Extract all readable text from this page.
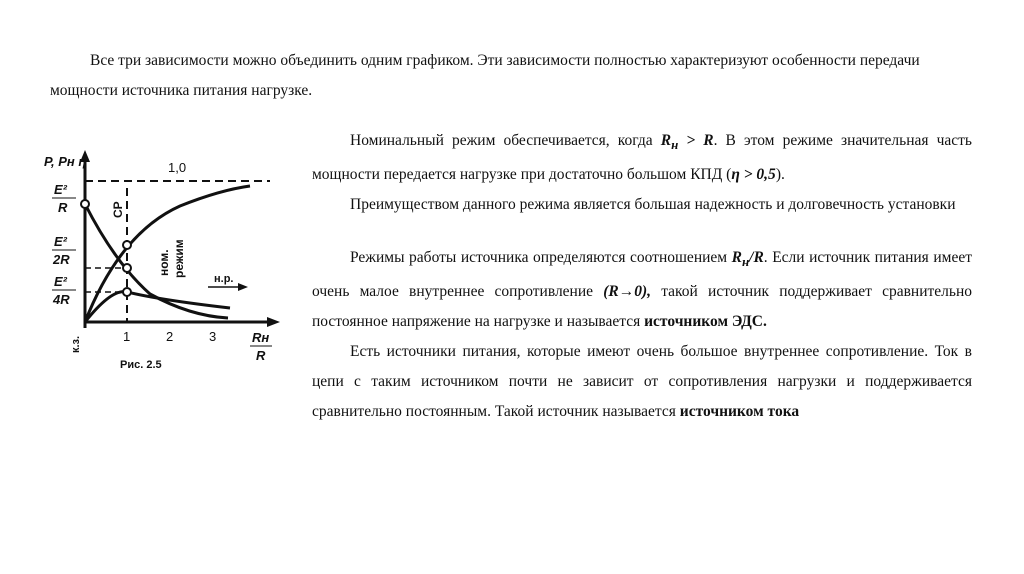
Все три зависимости можно объединить одним графиком. Эти зависимости полностью характеризуют особенности передачи мощности источника питания нагрузке.

P, Pн η	1,0
E²
R
E²
2R
E²
4R
к.з.
СР
ном. режим
н.р.
1	2	3	Rн
R
Рис. 2.5

Номинальный режим обеспечивается, когда $R_н > R$. В этом режиме значительная часть мощности передается нагрузке при достаточно большом КПД (η > 0,5).

Преимуществом данного режима является большая надежность и долговечность установки

Режимы работы источника определяются соотношением $R_н/R$. Если источник питания имеет очень малое внутреннее сопротивление (R→0), такой источник поддерживает сравнительно постоянное напряжение на нагрузке и называется источником ЭДС.

Есть источники питания, которые имеют очень большое внутреннее сопротивление. Ток в цепи с таким источником почти не зависит от сопротивления нагрузки и поддерживается сравнительно постоянным. Такой источник называется источником тока
